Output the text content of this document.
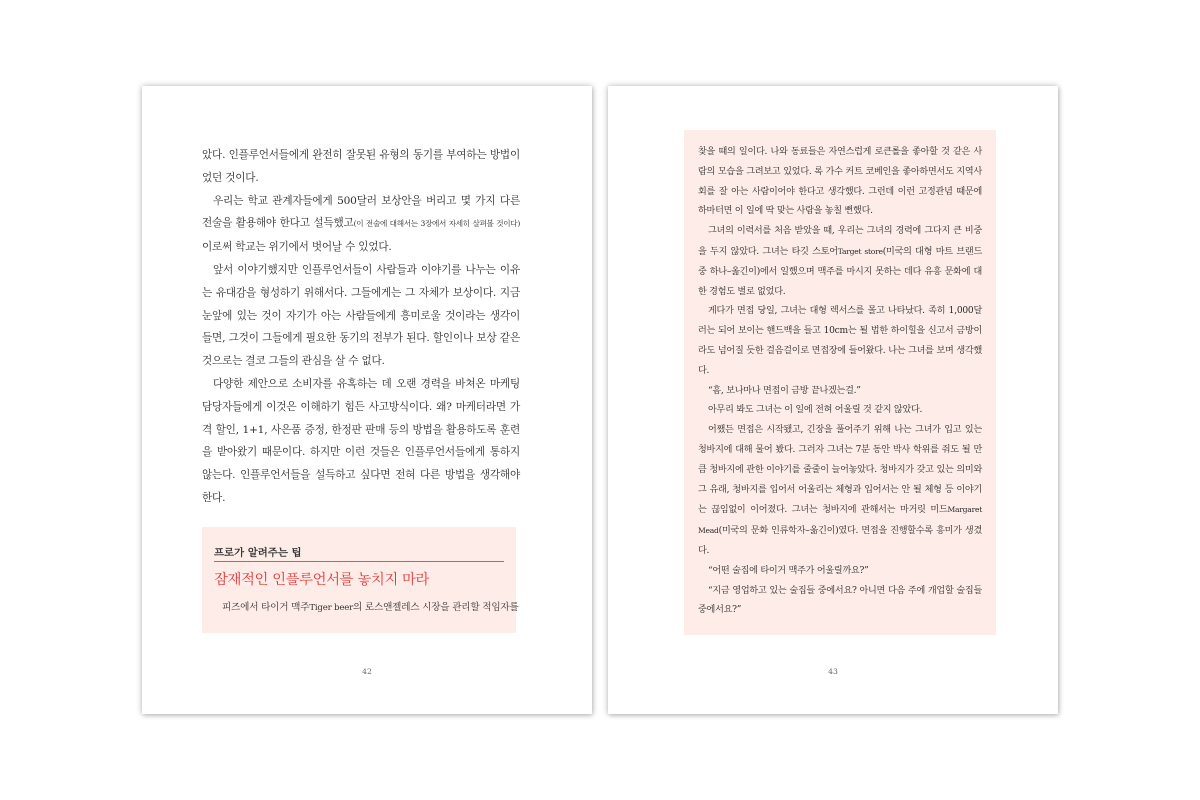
았다. 인플루언서들에게 완전히 잘못된 유형의 동기를 부여하는 방법이 었던 것이다.

우리는 학교 관계자들에게 500달러 보상안을 버리고 몇 가지 다른 전술을 활용해야 한다고 설득했고(이 전술에 대해서는 3장에서 자세히 살펴볼 것이다) 이로써 학교는 위기에서 벗어날 수 있었다.

앞서 이야기했지만 인플루언서들이 사람들과 이야기를 나누는 이유는 유대감을 형성하기 위해서다. 그들에게는 그 자체가 보상이다. 지금 눈앞에 있는 것이 자기가 아는 사람들에게 흥미로울 것이라는 생각이 들면, 그것이 그들에게 필요한 동기의 전부가 된다. 할인이나 보상 같은 것으로는 결코 그들의 관심을 살 수 없다.

다양한 제안으로 소비자를 유혹하는 데 오랜 경력을 바쳐온 마케팅 담당자들에게 이것은 이해하기 힘든 사고방식이다. 왜? 마케터라면 가격 할인, 1+1, 사은품 증정, 한정판 판매 등의 방법을 활용하도록 훈련을 받아왔기 때문이다. 하지만 이런 것들은 인플루언서들에게 통하지 않는다. 인플루언서들을 설득하고 싶다면 전혀 다른 방법을 생각해야 한다.

프로가 알려주는 팁
잠재적인 인플루언서를 놓치지 마라
피즈에서 타이거 맥주Tiger beer의 로스앤젤레스 시장을 관리할 적임자를
42

찾을 때의 일이다. 나와 동료들은 자연스럽게 로큰롤을 좋아할 것 같은 사람의 모습을 그려보고 있었다. 록 가수 커트 코베인을 좋아하면서도 지역사회를 잘 아는 사람이어야 한다고 생각했다. 그런데 이런 고정관념 때문에 하마터면 이 일에 딱 맞는 사람을 놓칠 뻔했다.

그녀의 이력서를 처음 받았을 때, 우리는 그녀의 경력에 그다지 큰 비중을 두지 않았다. 그녀는 타깃 스토어Target store(미국의 대형 마트 브랜드 중 하나–옮긴이)에서 일했으며 맥주를 마시지 못하는 데다 유흥 문화에 대한 경험도 별로 없었다.

게다가 면접 당일, 그녀는 대형 렉서스를 몰고 나타났다. 족히 1,000달러는 되어 보이는 핸드백을 들고 10cm는 될 법한 하이힐을 신고서 금방이라도 넘어질 듯한 걸음걸이로 면접장에 들어왔다. 나는 그녀를 보며 생각했다.

“흠, 보나마나 면접이 금방 끝나겠는걸.”

아무리 봐도 그녀는 이 일에 전혀 어울릴 것 같지 않았다.

어쨌든 면접은 시작됐고, 긴장을 풀어주기 위해 나는 그녀가 입고 있는 청바지에 대해 물어 봤다. 그러자 그녀는 7분 동안 박사 학위를 줘도 될 만큼 청바지에 관한 이야기를 줄줄이 늘어놓았다. 청바지가 갖고 있는 의미와 그 유래, 청바지를 입어서 어울리는 체형과 입어서는 안 될 체형 등 이야기는 끊임없이 이어졌다. 그녀는 청바지에 관해서는 마거릿 미드Margaret Mead(미국의 문화 인류학자–옮긴이)였다. 면접을 진행할수록 흥미가 생겼다.

“어떤 술집에 타이거 맥주가 어울릴까요?”

“지금 영업하고 있는 술집들 중에서요? 아니면 다음 주에 개업할 술집들 중에서요?”

43
